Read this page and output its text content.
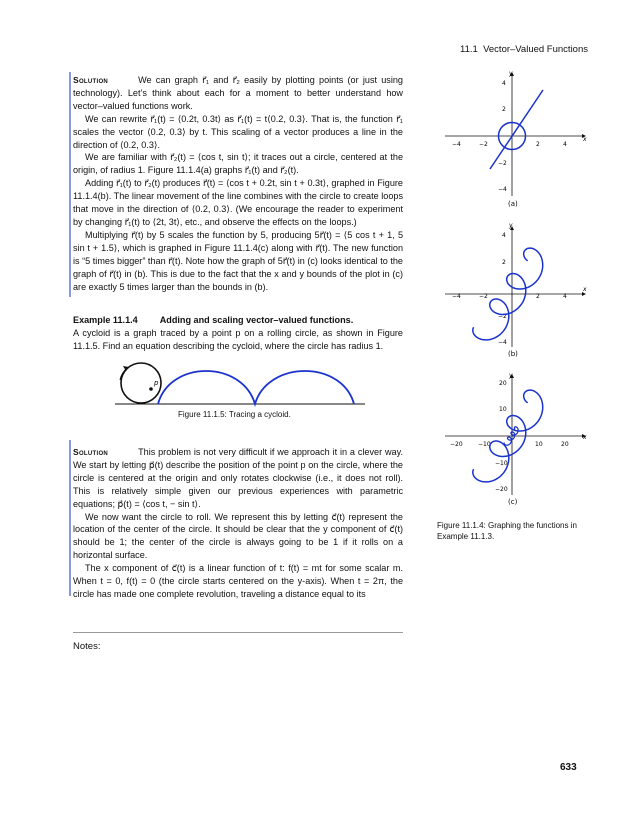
11.1 Vector–Valued Functions

Solution	We can graph r⃗₁ and r⃗₂ easily by plotting points (or just using technology). Let’s think about each for a moment to better understand how vector–valued functions work.

We can rewrite r⃗₁(t) = ⟨0.2t, 0.3t⟩ as r⃗₁(t) = t⟨0.2, 0.3⟩. That is, the function r⃗₁ scales the vector ⟨0.2, 0.3⟩ by t. This scaling of a vector produces a line in the direction of ⟨0.2, 0.3⟩.

We are familiar with r⃗₂(t) = ⟨cos t, sin t⟩; it traces out a circle, centered at the origin, of radius 1. Figure 11.1.4(a) graphs r⃗₁(t) and r⃗₂(t).

Adding r⃗₁(t) to r⃗₂(t) produces r⃗(t) = ⟨cos t + 0.2t, sin t + 0.3t⟩, graphed in Figure 11.1.4(b). The linear movement of the line combines with the circle to create loops that move in the direction of ⟨0.2, 0.3⟩. (We encourage the reader to experiment by changing r⃗₁(t) to ⟨2t, 3t⟩, etc., and observe the effects on the loops.)

Multiplying r⃗(t) by 5 scales the function by 5, producing 5r⃗(t) = ⟨5 cos t + 1, 5 sin t + 1.5⟩, which is graphed in Figure 11.1.4(c) along with r⃗(t). The new function is “5 times bigger” than r⃗(t). Note how the graph of 5r⃗(t) in (c) looks identical to the graph of r⃗(t) in (b). This is due to the fact that the x and y bounds of the plot in (c) are exactly 5 times larger than the bounds in (b).

Example 11.1.4 Adding and scaling vector–valued functions.

A cycloid is a graph traced by a point p on a rolling circle, as shown in Figure 11.1.5. Find an equation describing the cycloid, where the circle has radius 1.

p
Figure 11.1.5: Tracing a cycloid.

Solution	This problem is not very difficult if we approach it in a clever way. We start by letting p⃗(t) describe the position of the point p on the circle, where the circle is centered at the origin and only rotates clockwise (i.e., it does not roll). This is relatively simple given our previous experiences with parametric equations; p⃗(t) = ⟨cos t, − sin t⟩.

We now want the circle to roll. We represent this by letting c⃗(t) represent the location of the center of the circle. It should be clear that the y component of c⃗(t) should be 1; the center of the circle is always going to be 1 if it rolls on a horizontal surface.

The x component of c⃗(t) is a linear function of t: f(t) = mt for some scalar m. When t = 0, f(t) = 0 (the circle starts centered on the y-axis). When t = 2π, the circle has made one complete revolution, traveling a distance equal to its

x
y
−4	−2	2	4
4
2
−2
−4
(a)
x
y
−4	−2	2	4
4
2
−2
−4
(b)
x
y
−20	−10	10	20
20
10
−10
−20
(c)
Figure 11.1.4: Graphing the functions in Example 11.1.3.
Notes:
633
